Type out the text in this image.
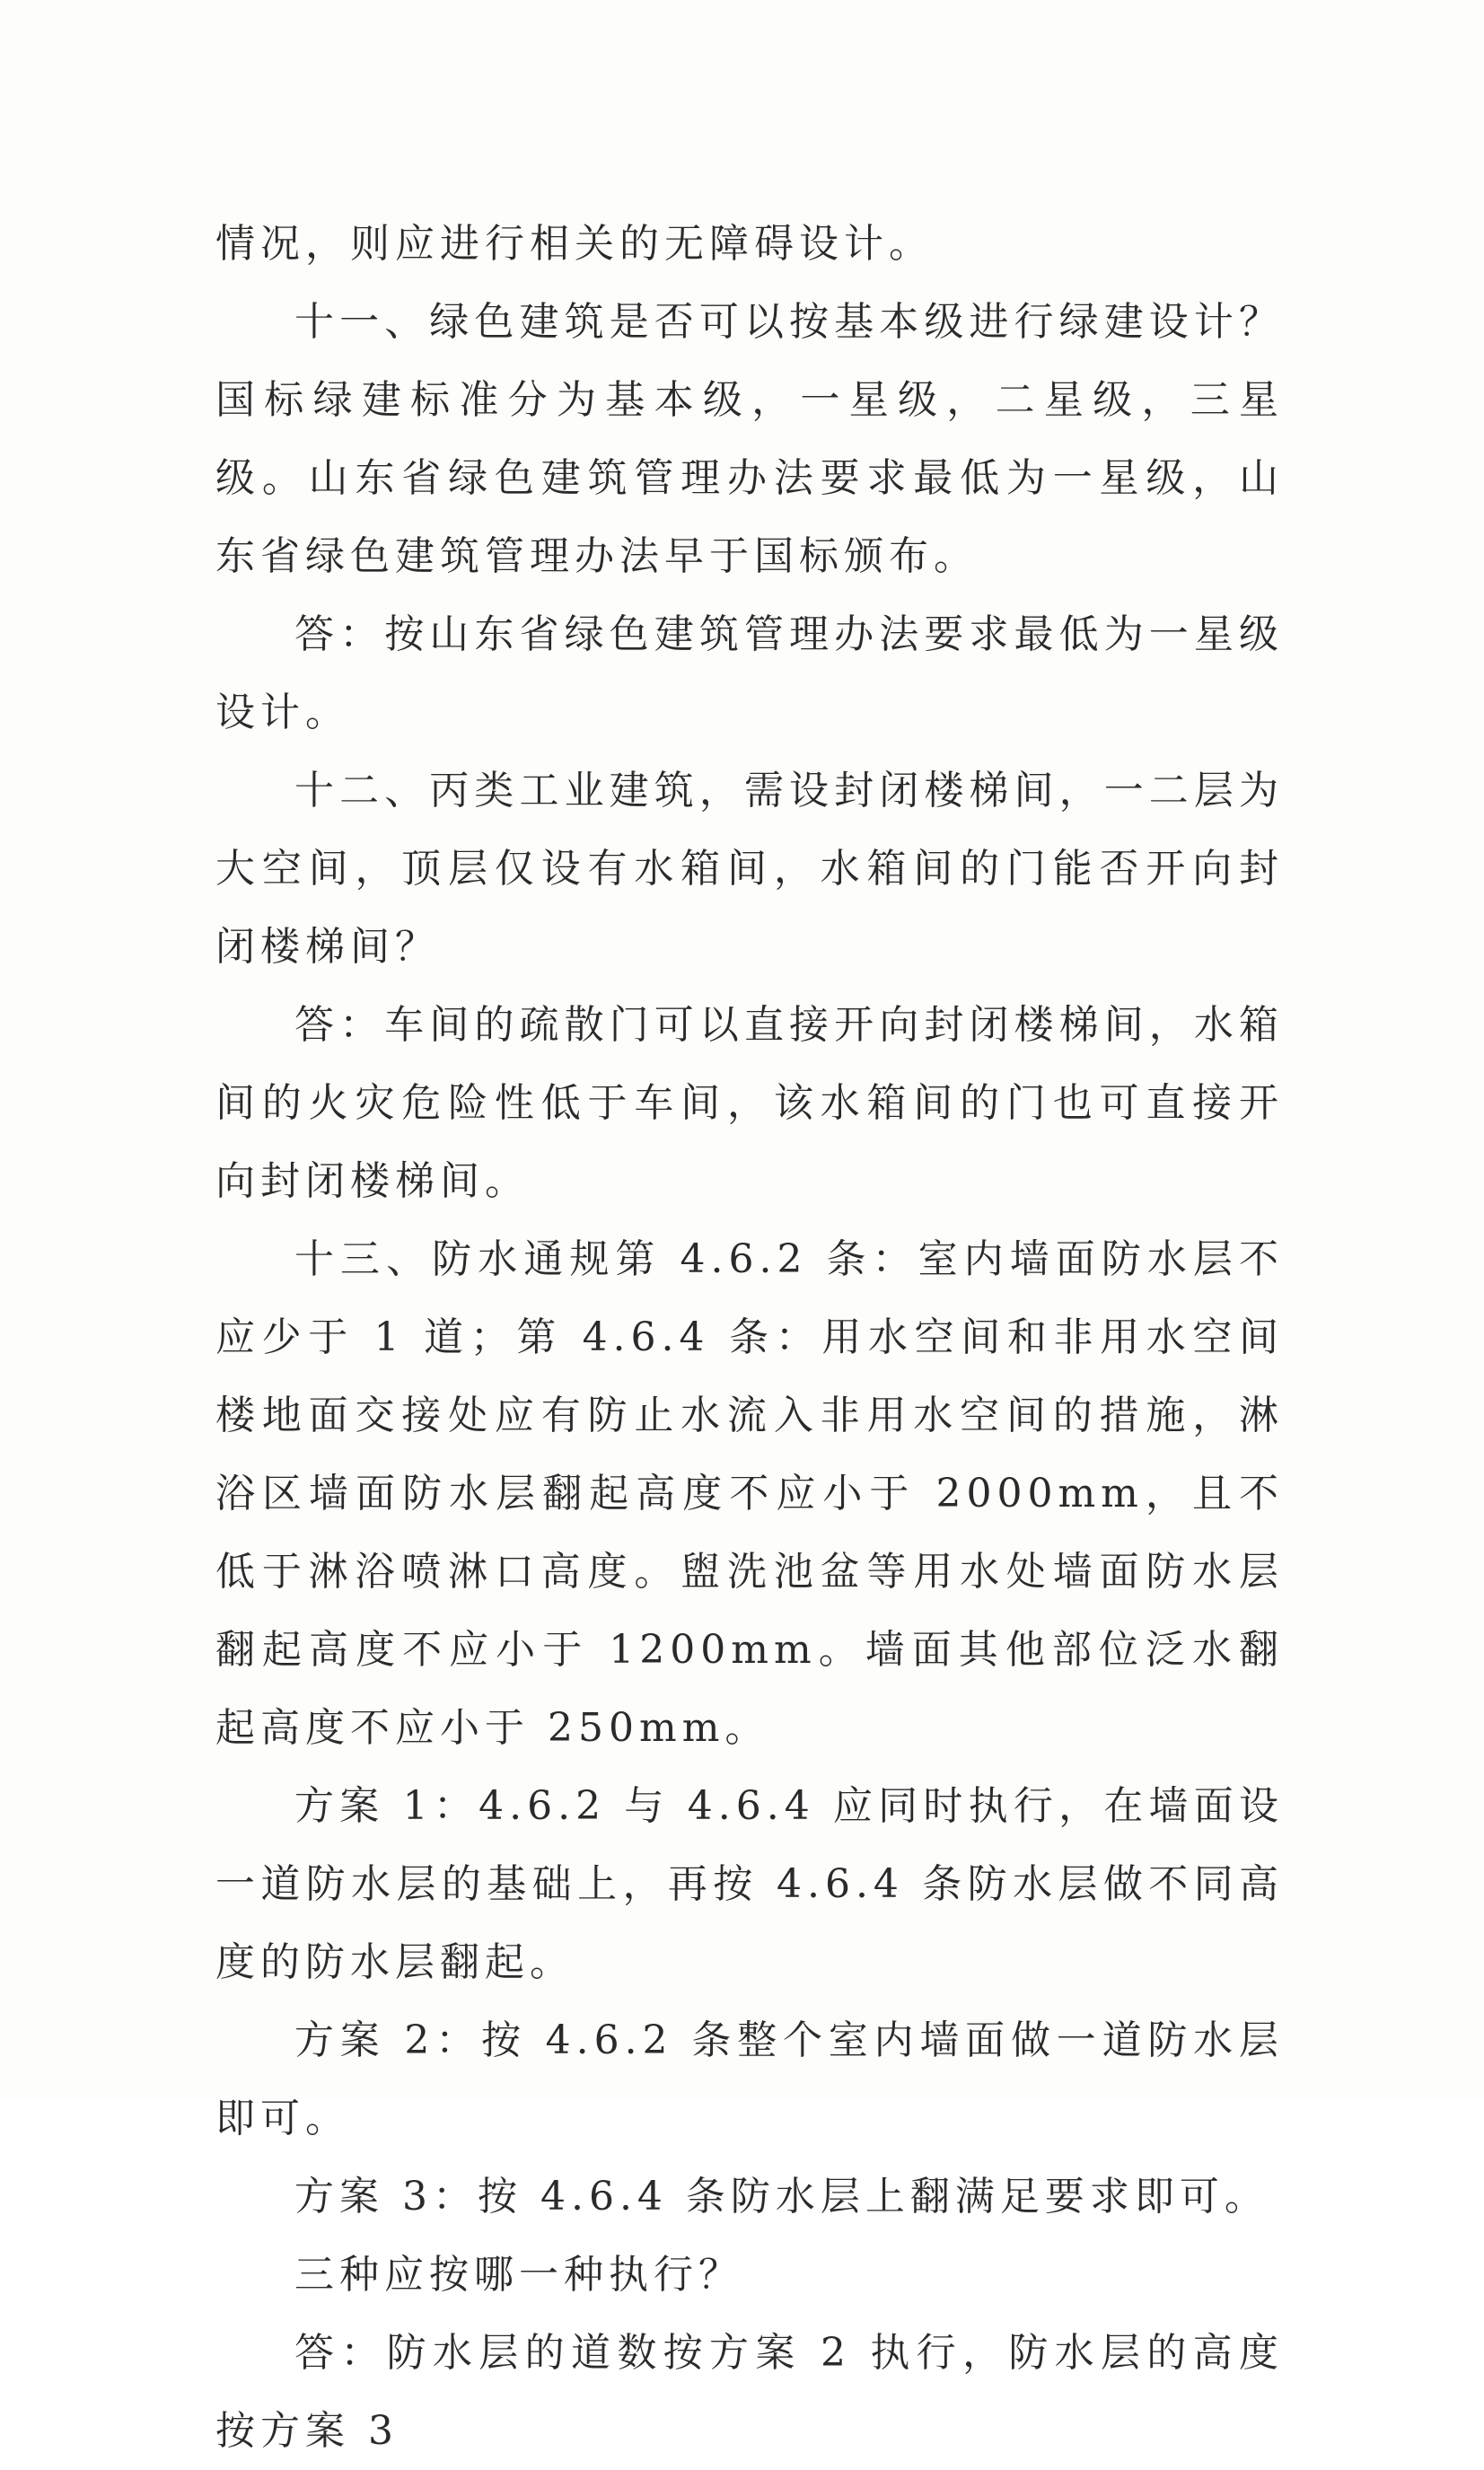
情况，则应进行相关的无障碍设计。

十一、绿色建筑是否可以按基本级进行绿建设计？国标绿建标准分为基本级，一星级，二星级，三星级。山东省绿色建筑管理办法要求最低为一星级，山东省绿色建筑管理办法早于国标颁布。

答：按山东省绿色建筑管理办法要求最低为一星级设计。

十二、丙类工业建筑，需设封闭楼梯间，一二层为大空间，顶层仅设有水箱间，水箱间的门能否开向封闭楼梯间？

答：车间的疏散门可以直接开向封闭楼梯间，水箱间的火灾危险性低于车间，该水箱间的门也可直接开向封闭楼梯间。

十三、防水通规第 4.6.2 条：室内墙面防水层不应少于 1 道；第 4.6.4 条：用水空间和非用水空间楼地面交接处应有防止水流入非用水空间的措施，淋浴区墙面防水层翻起高度不应小于 2000mm，且不低于淋浴喷淋口高度。盥洗池盆等用水处墙面防水层翻起高度不应小于 1200mm。墙面其他部位泛水翻起高度不应小于 250mm。

方案 1：4.6.2 与 4.6.4 应同时执行，在墙面设一道防水层的基础上，再按 4.6.4 条防水层做不同高度的防水层翻起。

方案 2：按 4.6.2 条整个室内墙面做一道防水层即可。

方案 3：按 4.6.4 条防水层上翻满足要求即可。

三种应按哪一种执行？

答：防水层的道数按方案 2 执行，防水层的高度按方案 3
